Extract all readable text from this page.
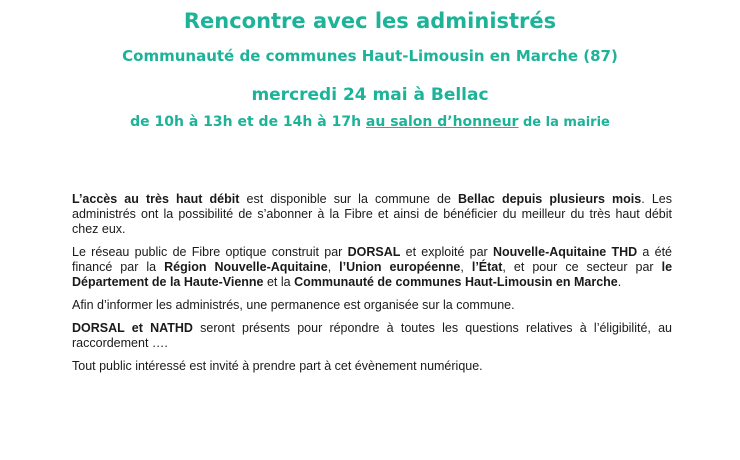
Rencontre avec les administrés
Communauté de communes Haut-Limousin en Marche (87)
mercredi 24 mai à Bellac
de 10h à 13h et de 14h à 17h au salon d’honneur de la mairie

L’accès au très haut débit est disponible sur la commune de Bellac depuis plusieurs mois. Les administrés ont la possibilité de s’abonner à la Fibre et ainsi de bénéficier du meilleur du très haut débit chez eux.

Le réseau public de Fibre optique construit par DORSAL et exploité par Nouvelle-Aquitaine THD a été financé par la Région Nouvelle-Aquitaine, l’Union européenne, l’État, et pour ce secteur par le Département de la Haute-Vienne et la Communauté de communes Haut-Limousin en Marche.

Afin d’informer les administrés, une permanence est organisée sur la commune.

DORSAL et NATHD seront présents pour répondre à toutes les questions relatives à l’éligibilité, au raccordement ….

Tout public intéressé est invité à prendre part à cet évènement numérique.
